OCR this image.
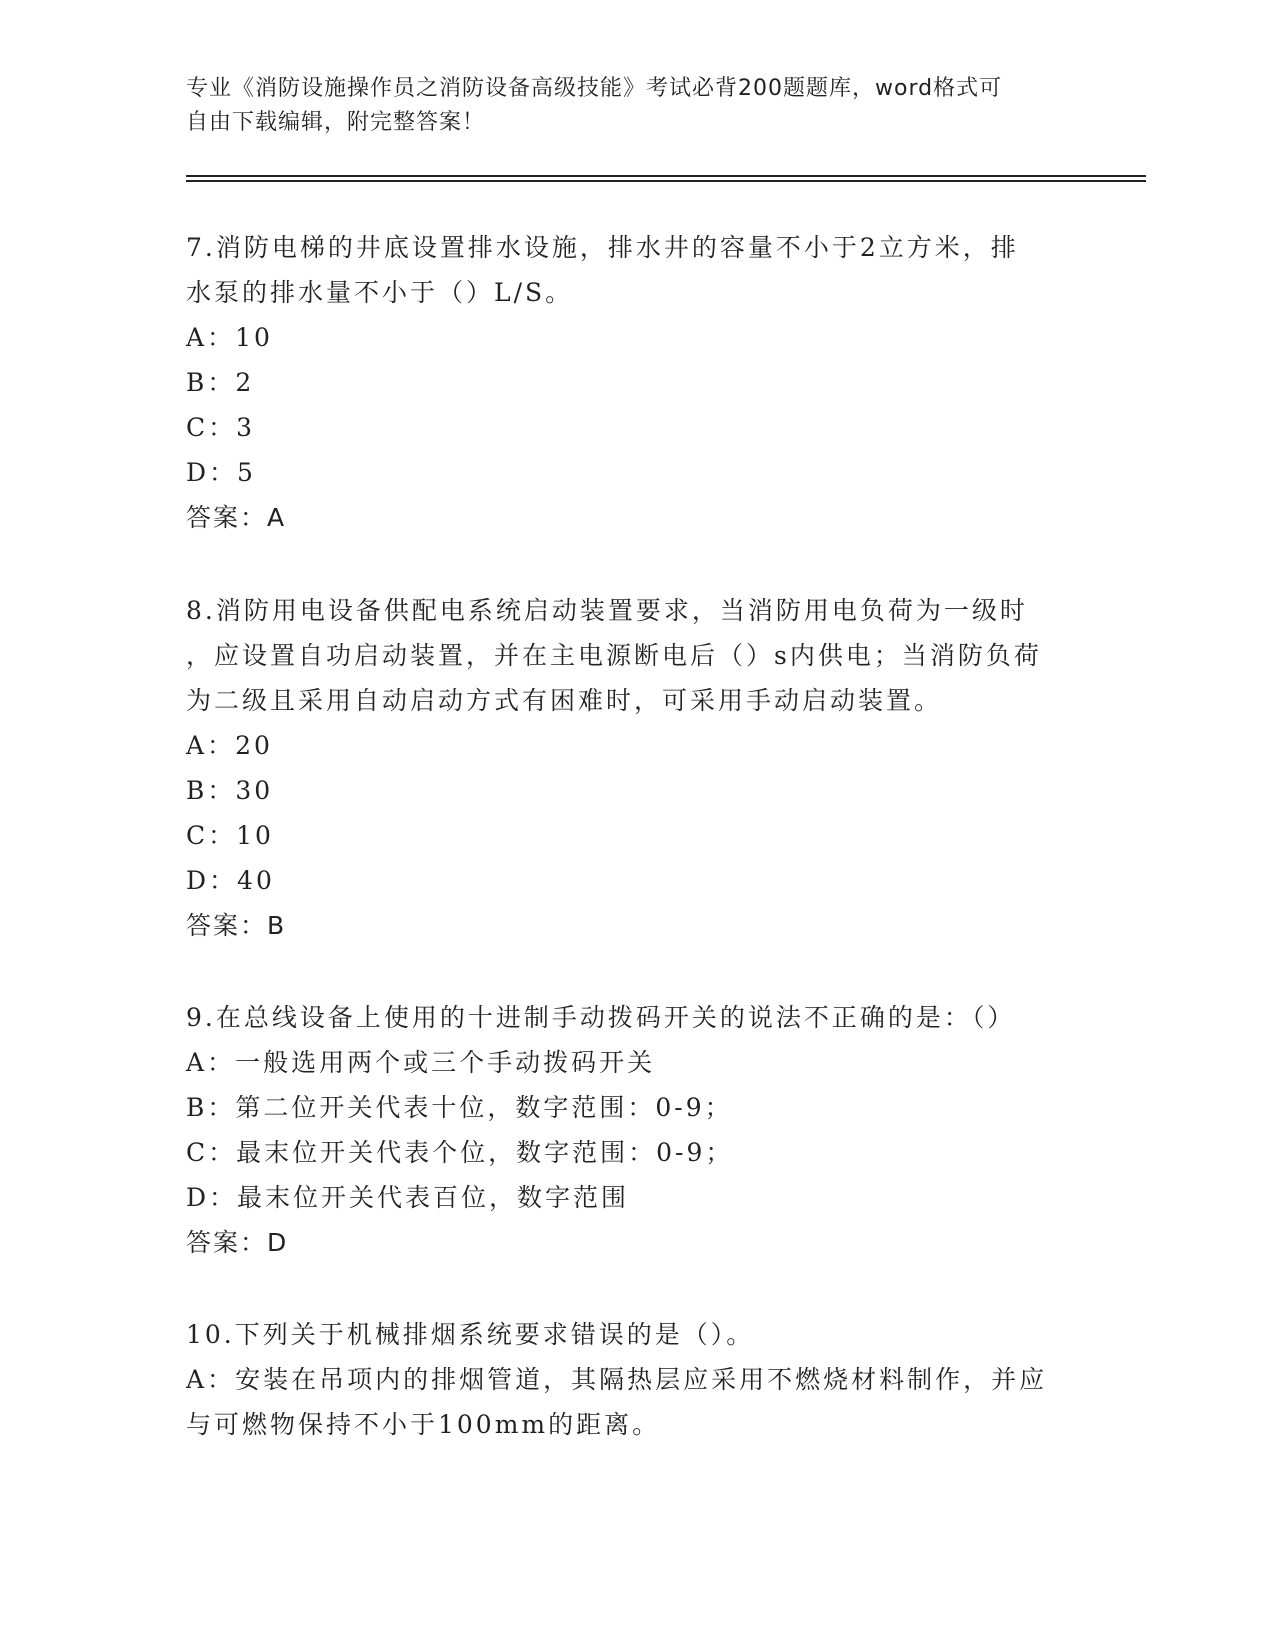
专业《消防设施操作员之消防设备高级技能》考试必背200题题库，word格式可
自由下载编辑，附完整答案！
7.消防电梯的井底设置排水设施，排水井的容量不小于2立方米，排
水泵的排水量不小于（）L/S。
A：10
B：2
C：3
D：5
答案：A
8.消防用电设备供配电系统启动装置要求，当消防用电负荷为一级时
，应设置自功启动装置，并在主电源断电后（）s内供电；当消防负荷
为二级且采用自动启动方式有困难时，可采用手动启动装置。
A：20
B：30
C：10
D：40
答案：B
9.在总线设备上使用的十进制手动拨码开关的说法不正确的是：（）
A：一般选用两个或三个手动拨码开关
B：第二位开关代表十位，数字范围：0-9；
C：最末位开关代表个位，数字范围：0-9；
D：最末位开关代表百位，数字范围
答案：D
10.下列关于机械排烟系统要求错误的是（）。
A：安装在吊项内的排烟管道，其隔热层应采用不燃烧材料制作，并应
与可燃物保持不小于100mm的距离。
